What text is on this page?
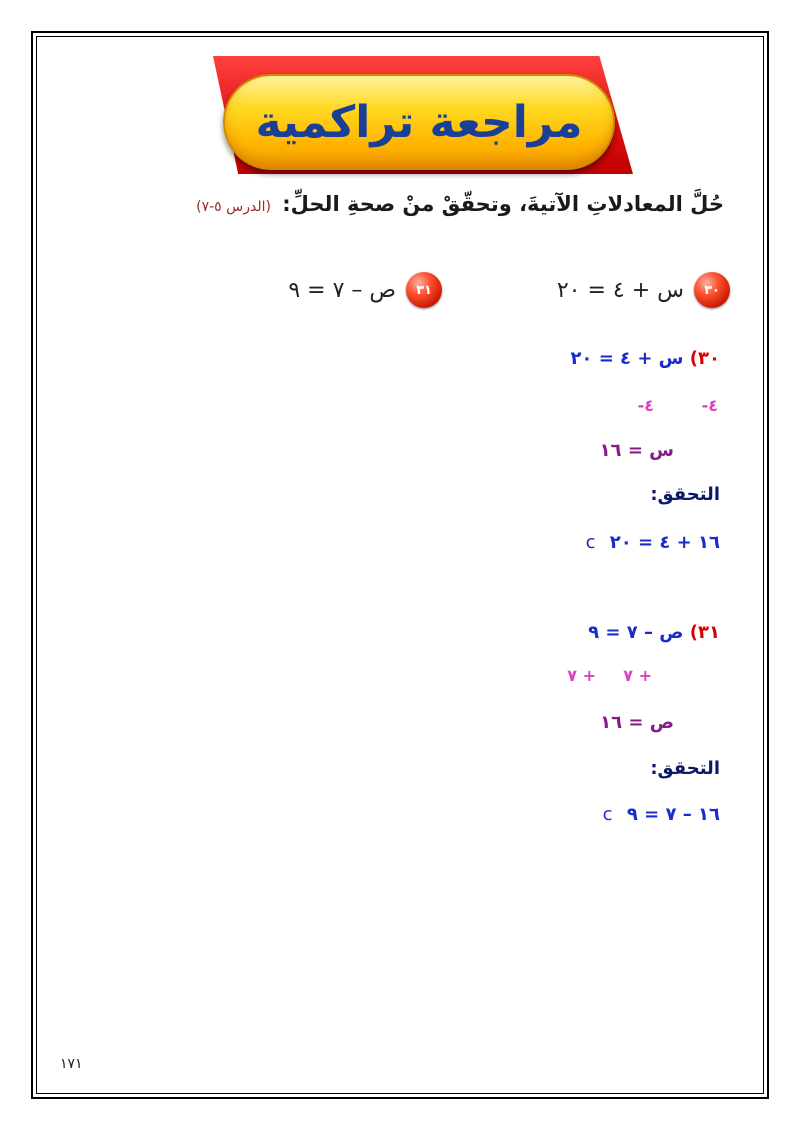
مراجعة تراكمية
حُلَّ المعادلاتِ الآتيةَ، وتحقّقْ منْ صحةِ الحلِّ: (الدرس ٥-٧)
٣٠
س + ٤ = ٢٠
٣١
ص – ٧ = ٩
٣٠) س + ٤ = ٢٠
٤-
٤-
س = ١٦
التحقق:
١٦ + ٤ = ٢٠ c
٣١) ص – ٧ = ٩
+ ٧
+ ٧
ص = ١٦
التحقق:
١٦ – ٧ = ٩ c
١٧١
